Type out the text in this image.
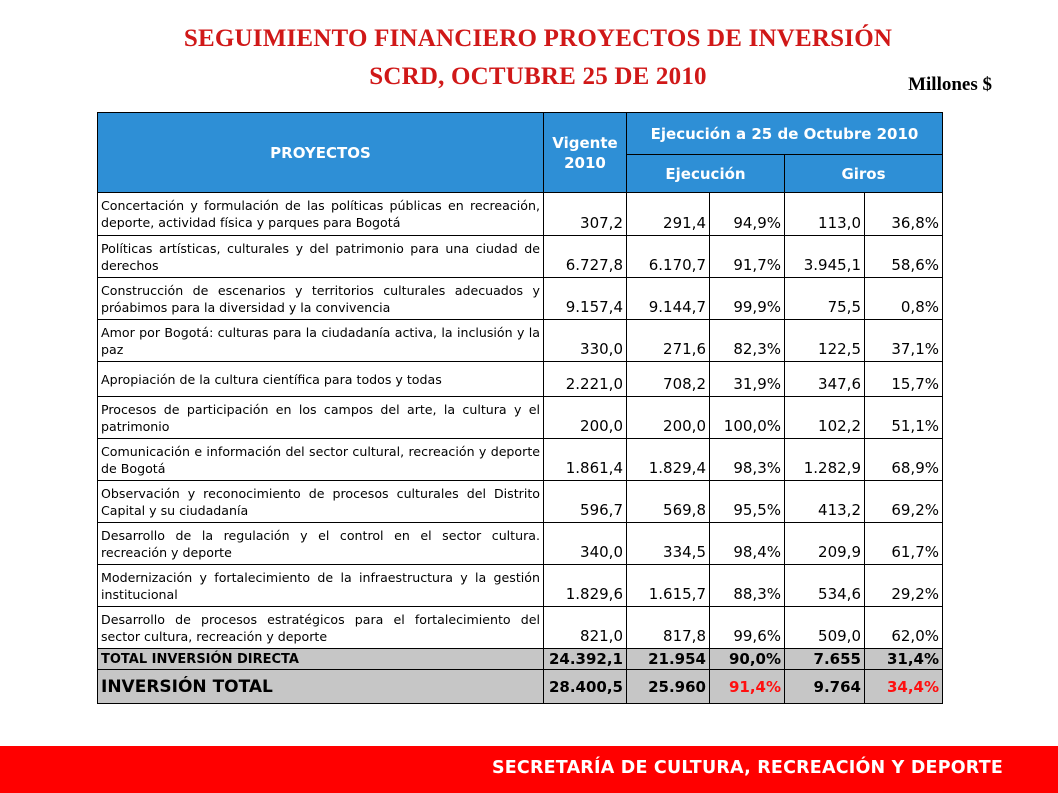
SEGUIMIENTO FINANCIERO PROYECTOS DE INVERSIÓN
SCRD, OCTUBRE 25 DE 2010	Millones $
PROYECTOS	Vigente 2010	Ejecución a 25 de Octubre 2010			
		Ejecución		Giros	
Concertación y formulación de las políticas públicas en recreación, deporte, actividad física y parques para Bogotá	307,2	291,4	94,9%	113,0	36,8%
Políticas artísticas, culturales y del patrimonio para una ciudad de derechos	6.727,8	6.170,7	91,7%	3.945,1	58,6%
Construcción de escenarios y territorios culturales adecuados y próabimos para la diversidad y la convivencia	9.157,4	9.144,7	99,9%	75,5	0,8%
Amor por Bogotá: culturas para la ciudadanía activa, la inclusión y la paz	330,0	271,6	82,3%	122,5	37,1%
Apropiación de la cultura científica para todos y todas	2.221,0	708,2	31,9%	347,6	15,7%
Procesos de participación en los campos del arte, la cultura y el patrimonio	200,0	200,0	100,0%	102,2	51,1%
Comunicación e información del sector cultural, recreación y deporte de Bogotá	1.861,4	1.829,4	98,3%	1.282,9	68,9%
Observación y reconocimiento de procesos culturales del Distrito Capital y su ciudadanía	596,7	569,8	95,5%	413,2	69,2%
Desarrollo de la regulación y el control en el sector cultura. recreación y deporte	340,0	334,5	98,4%	209,9	61,7%
Modernización y fortalecimiento de la infraestructura y la gestión institucional	1.829,6	1.615,7	88,3%	534,6	29,2%
Desarrollo de procesos estratégicos para el fortalecimiento del sector cultura, recreación y deporte	821,0	817,8	99,6%	509,0	62,0%
TOTAL INVERSIÓN DIRECTA	24.392,1	21.954	90,0%	7.655	31,4%
INVERSIÓN TOTAL	28.400,5	25.960	91,4%	9.764	34,4%
SECRETARÍA DE CULTURA, RECREACIÓN Y DEPORTE
